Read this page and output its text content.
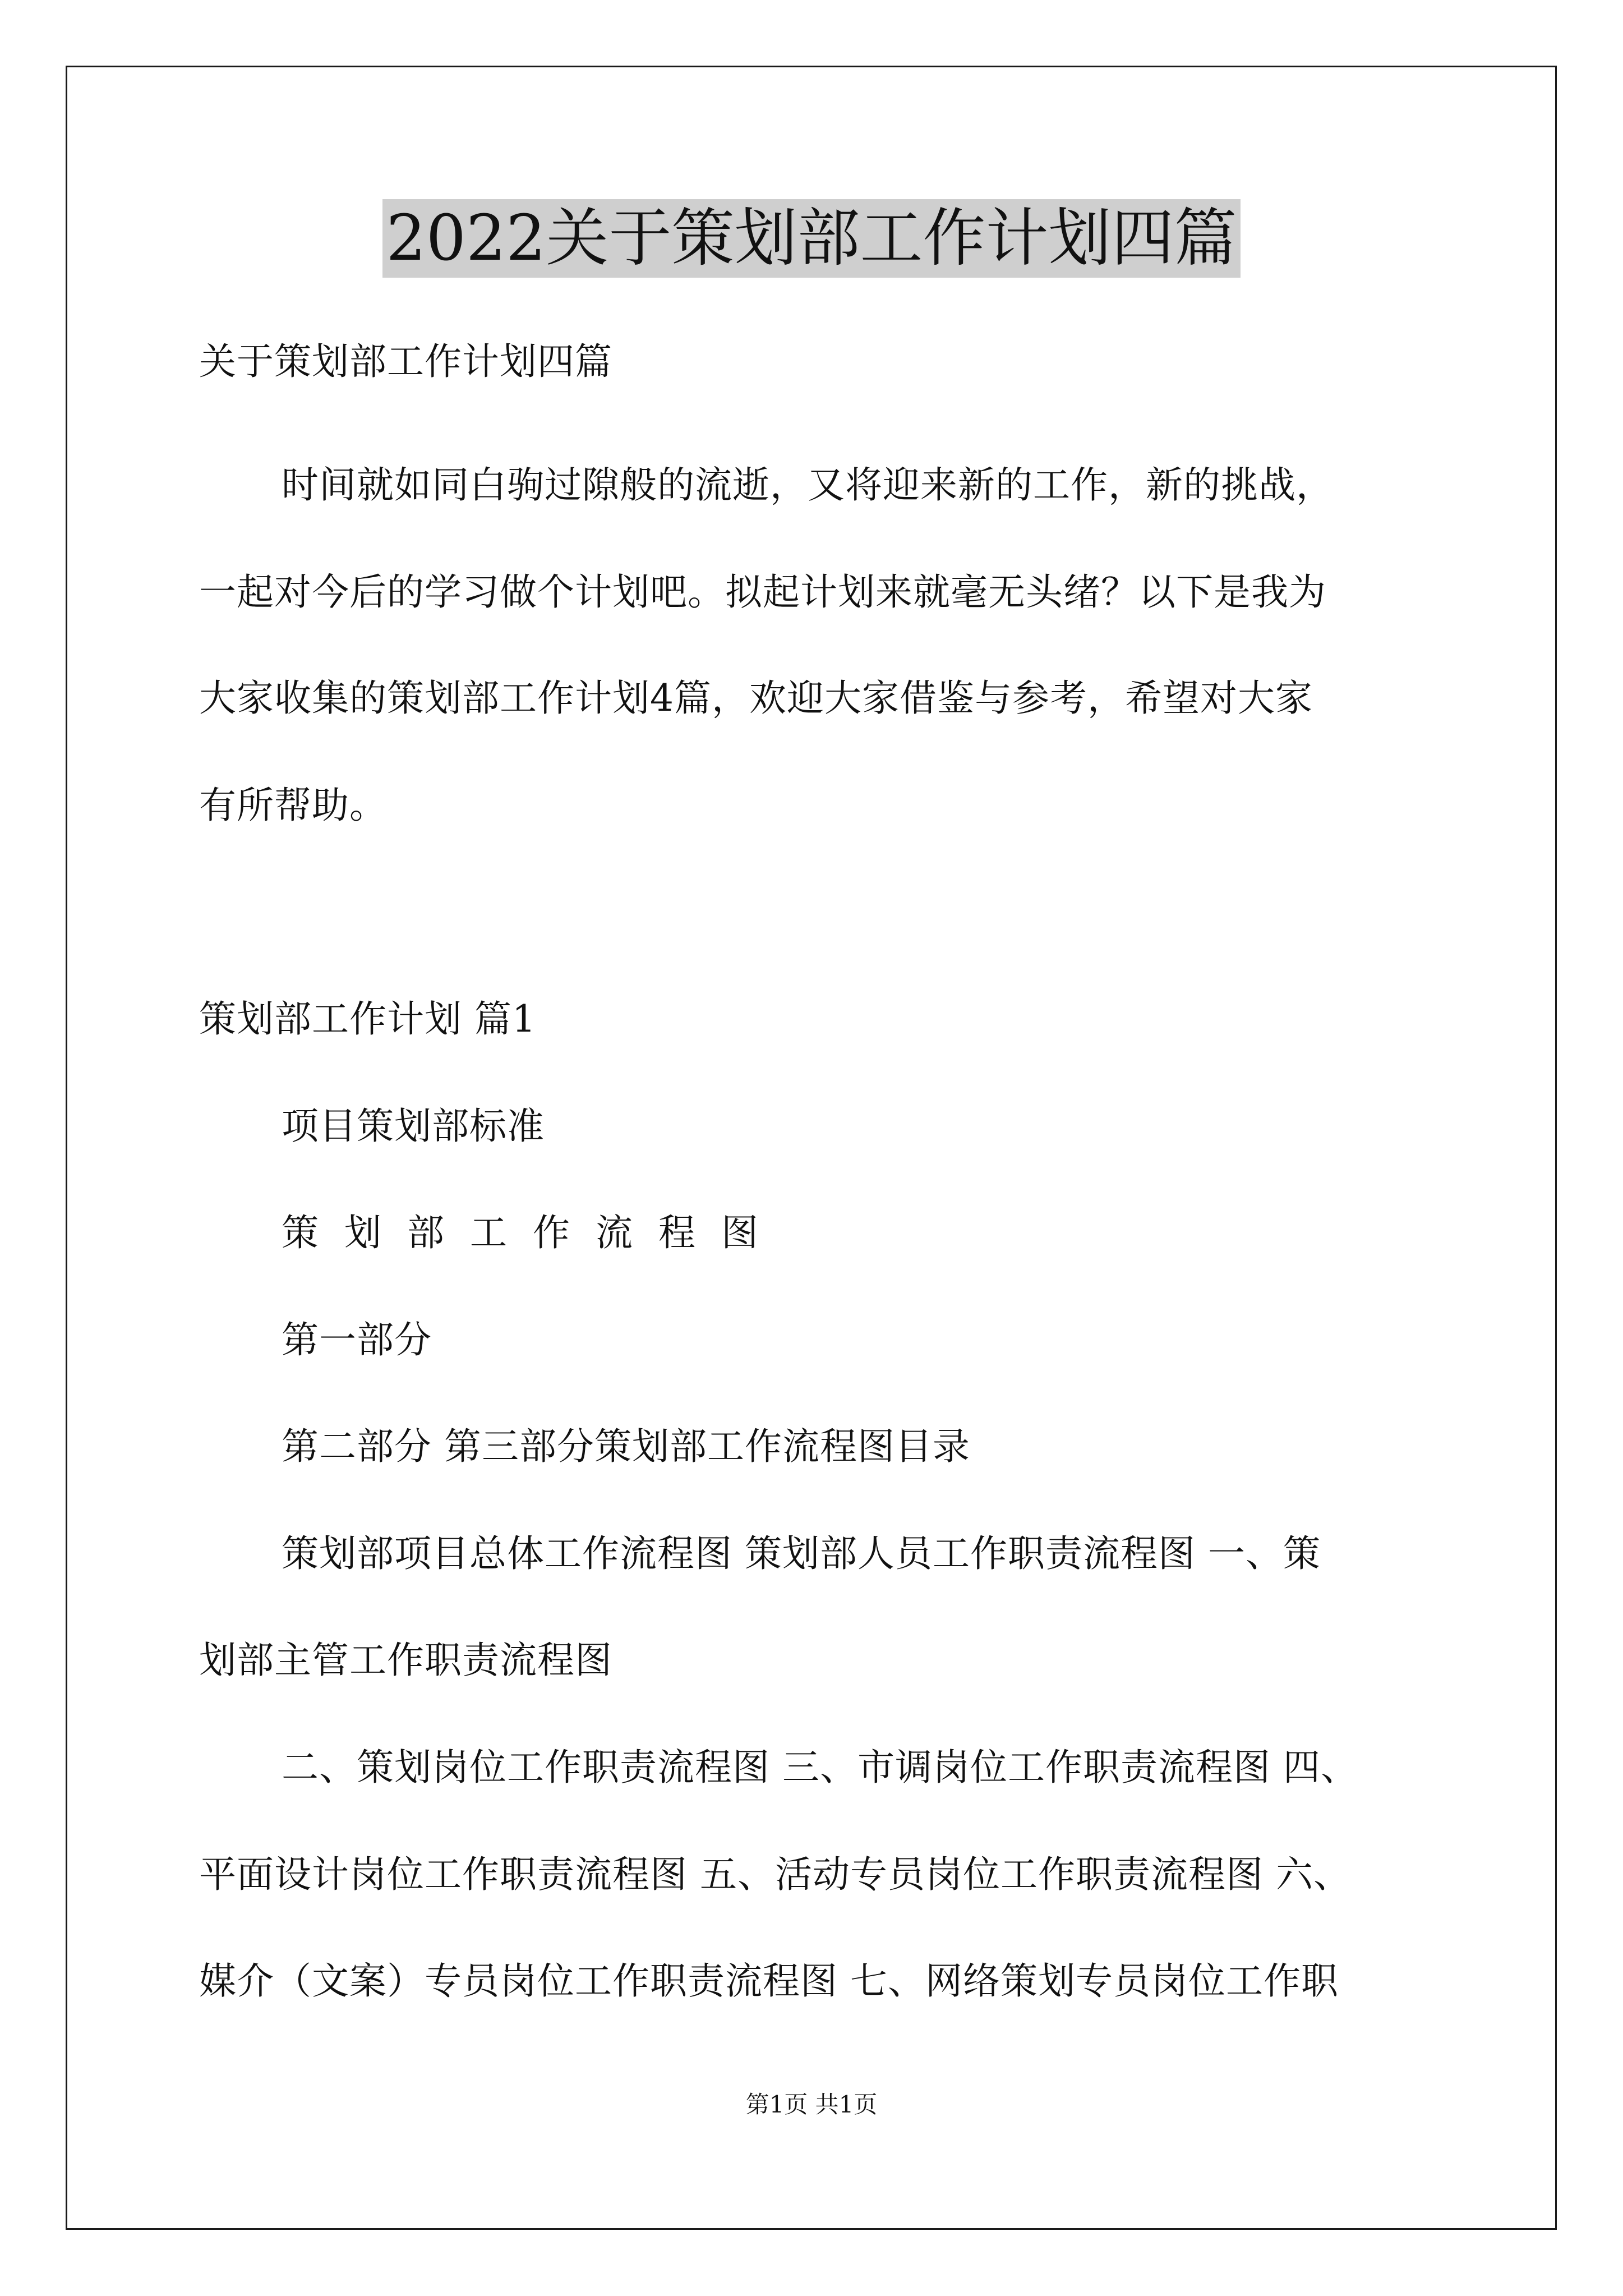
2022关于策划部工作计划四篇
关于策划部工作计划四篇
时间就如同白驹过隙般的流逝，又将迎来新的工作，新的挑战，
一起对今后的学习做个计划吧。拟起计划来就毫无头绪？以下是我为
大家收集的策划部工作计划4篇，欢迎大家借鉴与参考，希望对大家
有所帮助。
策划部工作计划 篇1
项目策划部标准
策划部工作流程图
第一部分
第二部分 第三部分策划部工作流程图目录
策划部项目总体工作流程图 策划部人员工作职责流程图 一、策
划部主管工作职责流程图
二、策划岗位工作职责流程图 三、市调岗位工作职责流程图 四、
平面设计岗位工作职责流程图 五、活动专员岗位工作职责流程图 六、
媒介（文案）专员岗位工作职责流程图 七、网络策划专员岗位工作职
第1页 共1页
